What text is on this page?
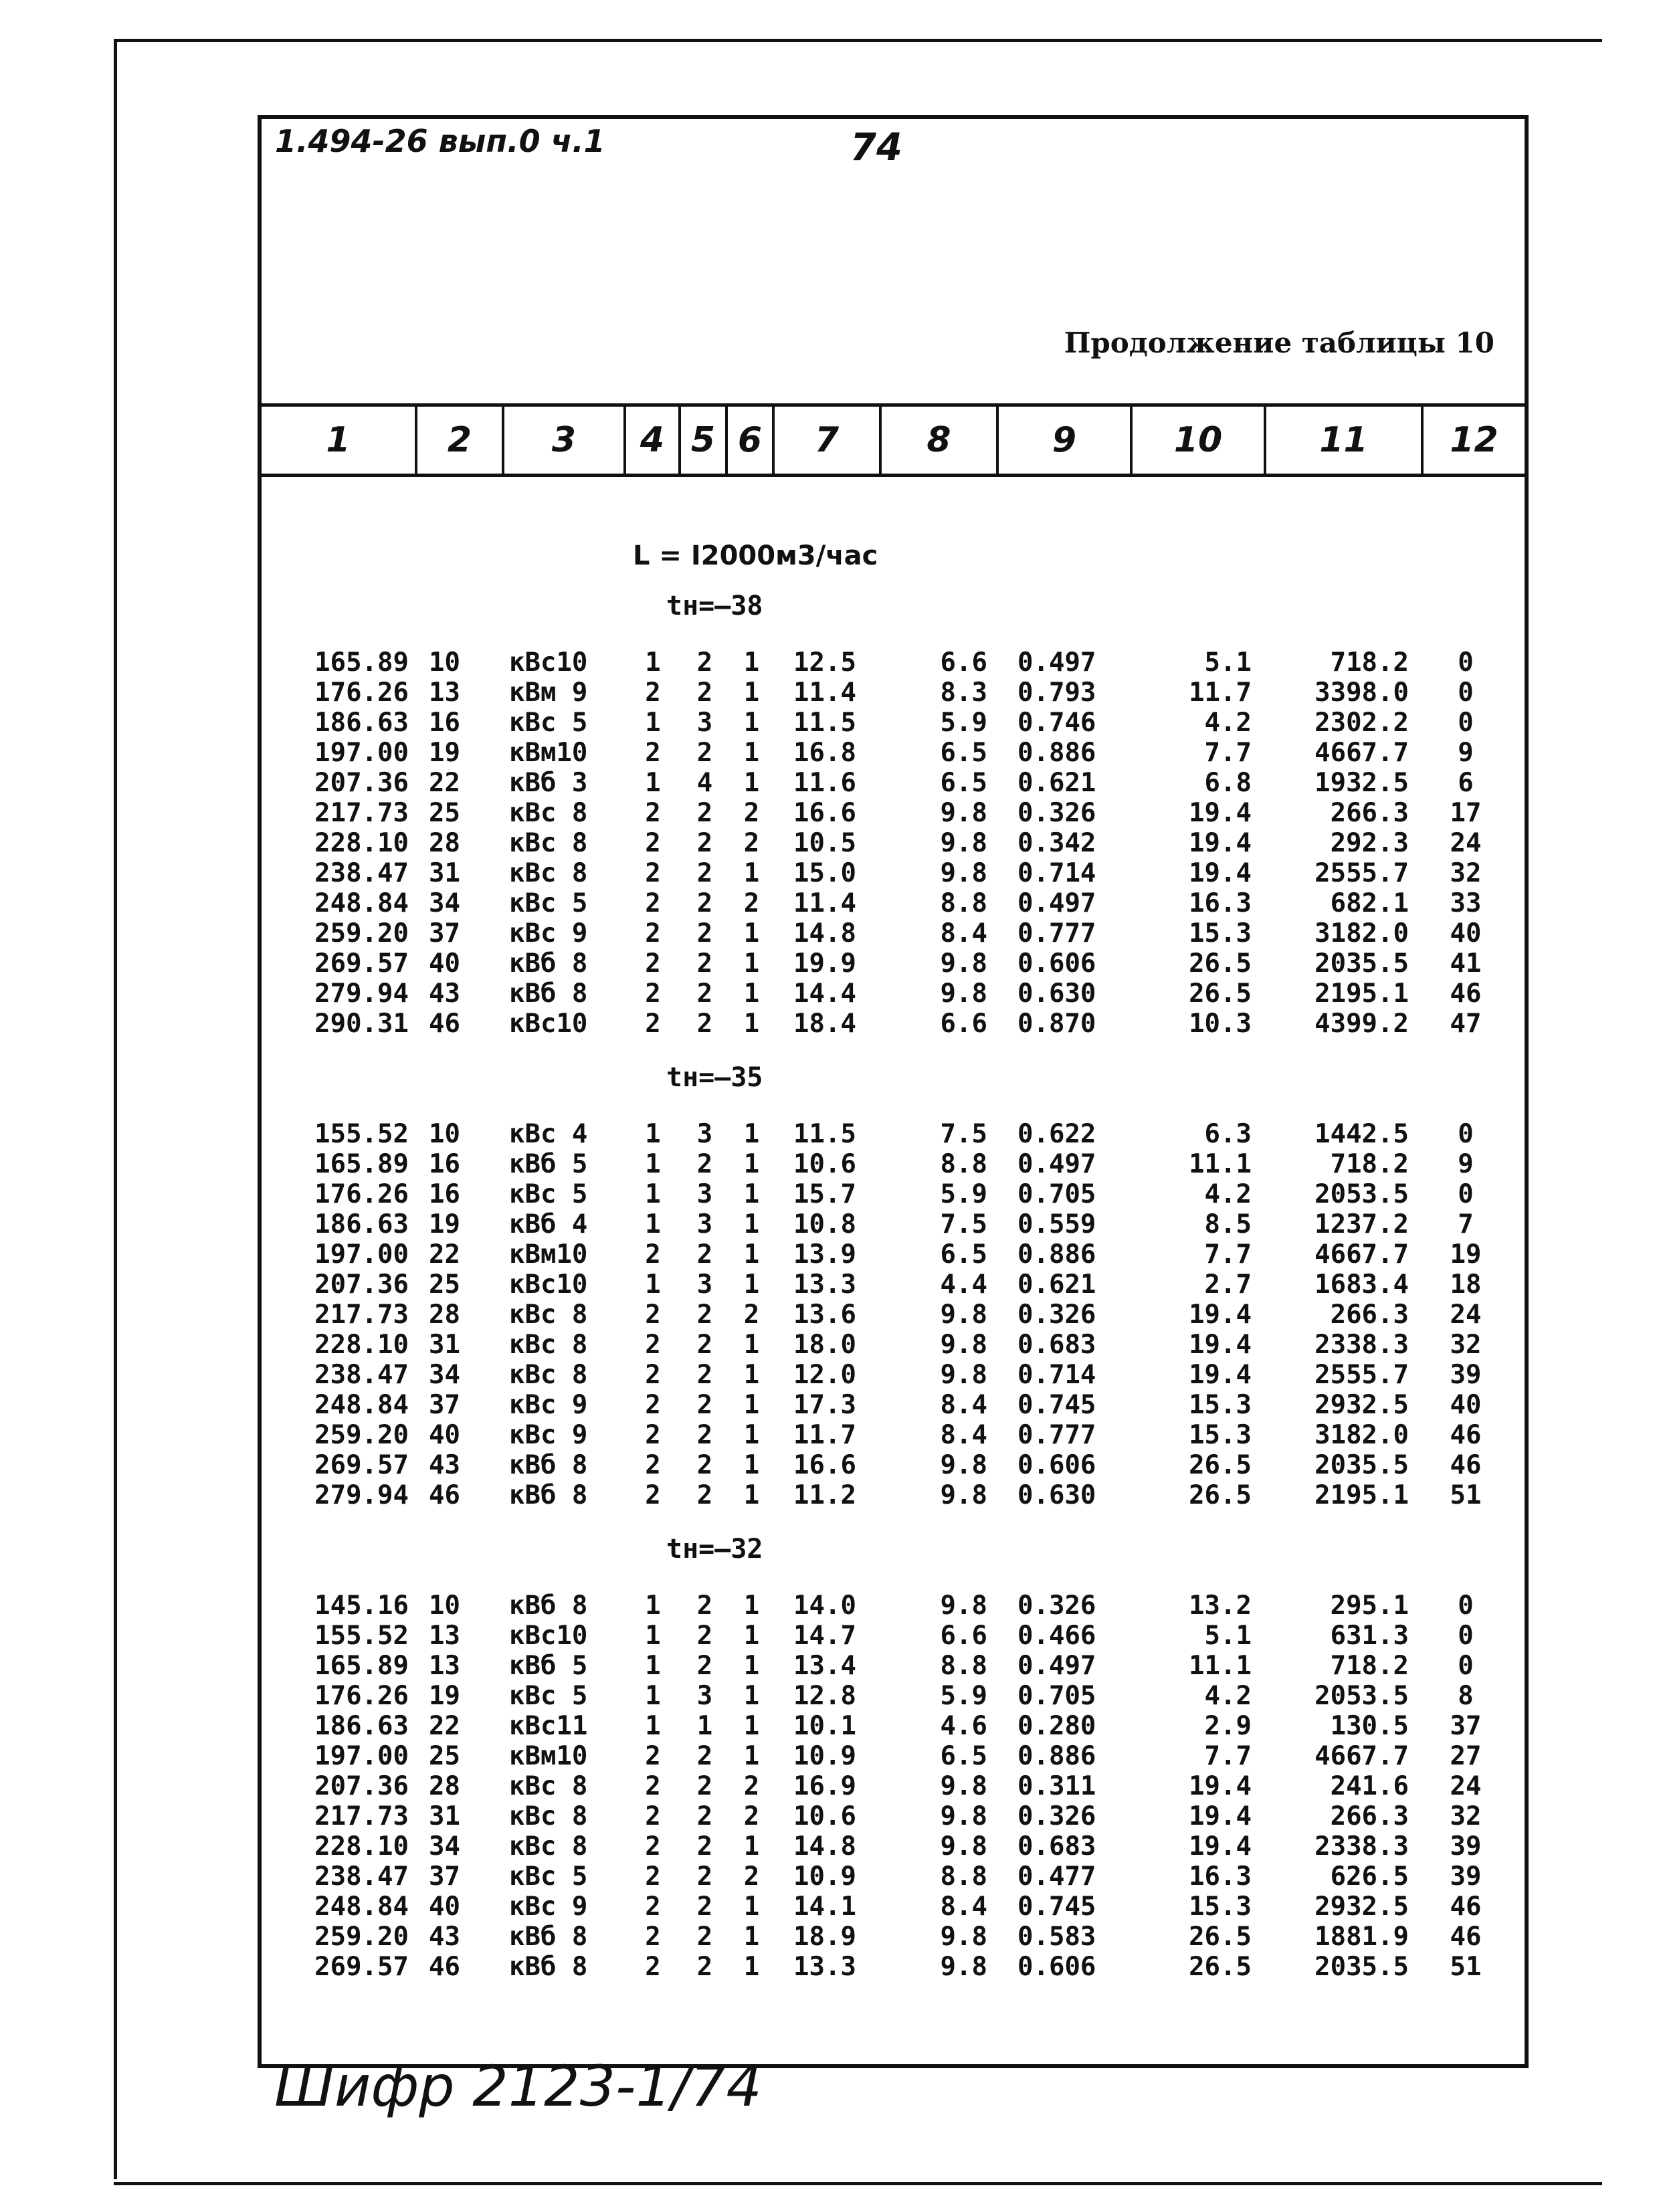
1.494-26 вып.0 ч.1	74
Продолжение таблицы 10
1	2	3	4 5 6	7	8	9	10	11	12
L = I2000м3/час
tн=–38
165.89 10	кВс10	1	2	1	12.5	6.6 0.497	5.1	718.2	0
176.26 13	кВм 9	2	2	1	11.4	8.3 0.793	11.7	3398.0	0
186.63 16	кВс 5	1	3	1	11.5	5.9 0.746	4.2	2302.2	0
197.00 19	кВм10	2	2	1	16.8	6.5 0.886	7.7	4667.7	9
207.36 22	кВб 3	1	4	1	11.6	6.5 0.621	6.8	1932.5	6
217.73 25	кВс 8	2	2	2	16.6	9.8 0.326	19.4	266.3	17
228.10 28	кВс 8	2	2	2	10.5	9.8 0.342	19.4	292.3	24
238.47 31	кВс 8	2	2	1	15.0	9.8 0.714	19.4	2555.7	32
248.84 34	кВс 5	2	2	2	11.4	8.8 0.497	16.3	682.1	33
259.20 37	кВс 9	2	2	1	14.8	8.4 0.777	15.3	3182.0	40
269.57 40	кВб 8	2	2	1	19.9	9.8 0.606	26.5	2035.5	41
279.94 43	кВб 8	2	2	1	14.4	9.8 0.630	26.5	2195.1	46
290.31 46	кВс10	2	2	1	18.4	6.6 0.870	10.3	4399.2	47
tн=–35
155.52 10	кВс 4	1	3	1	11.5	7.5 0.622	6.3	1442.5	0
165.89 16	кВб 5	1	2	1	10.6	8.8 0.497	11.1	718.2	9
176.26 16	кВс 5	1	3	1	15.7	5.9 0.705	4.2	2053.5	0
186.63 19	кВб 4	1	3	1	10.8	7.5 0.559	8.5	1237.2	7
197.00 22	кВм10	2	2	1	13.9	6.5 0.886	7.7	4667.7	19
207.36 25	кВс10	1	3	1	13.3	4.4 0.621	2.7	1683.4	18
217.73 28	кВс 8	2	2	2	13.6	9.8 0.326	19.4	266.3	24
228.10 31	кВс 8	2	2	1	18.0	9.8 0.683	19.4	2338.3	32
238.47 34	кВс 8	2	2	1	12.0	9.8 0.714	19.4	2555.7	39
248.84 37	кВс 9	2	2	1	17.3	8.4 0.745	15.3	2932.5	40
259.20 40	кВс 9	2	2	1	11.7	8.4 0.777	15.3	3182.0	46
269.57 43	кВб 8	2	2	1	16.6	9.8 0.606	26.5	2035.5	46
279.94 46	кВб 8	2	2	1	11.2	9.8 0.630	26.5	2195.1	51
tн=–32
145.16 10	кВб 8	1	2	1	14.0	9.8 0.326	13.2	295.1	0
155.52 13	кВс10	1	2	1	14.7	6.6 0.466	5.1	631.3	0
165.89 13	кВб 5	1	2	1	13.4	8.8 0.497	11.1	718.2	0
176.26 19	кВс 5	1	3	1	12.8	5.9 0.705	4.2	2053.5	8
186.63 22	кВс11	1	1	1	10.1	4.6 0.280	2.9	130.5	37
197.00 25	кВм10	2	2	1	10.9	6.5 0.886	7.7	4667.7	27
207.36 28	кВс 8	2	2	2	16.9	9.8 0.311	19.4	241.6	24
217.73 31	кВс 8	2	2	2	10.6	9.8 0.326	19.4	266.3	32
228.10 34	кВс 8	2	2	1	14.8	9.8 0.683	19.4	2338.3	39
238.47 37	кВс 5	2	2	2	10.9	8.8 0.477	16.3	626.5	39
248.84 40	кВс 9	2	2	1	14.1	8.4 0.745	15.3	2932.5	46
259.20 43	кВб 8	2	2	1	18.9	9.8 0.583	26.5	1881.9	46
269.57 46	кВб 8	2	2	1	13.3	9.8 0.606	26.5	2035.5	51
Шифр 2123-1/74
